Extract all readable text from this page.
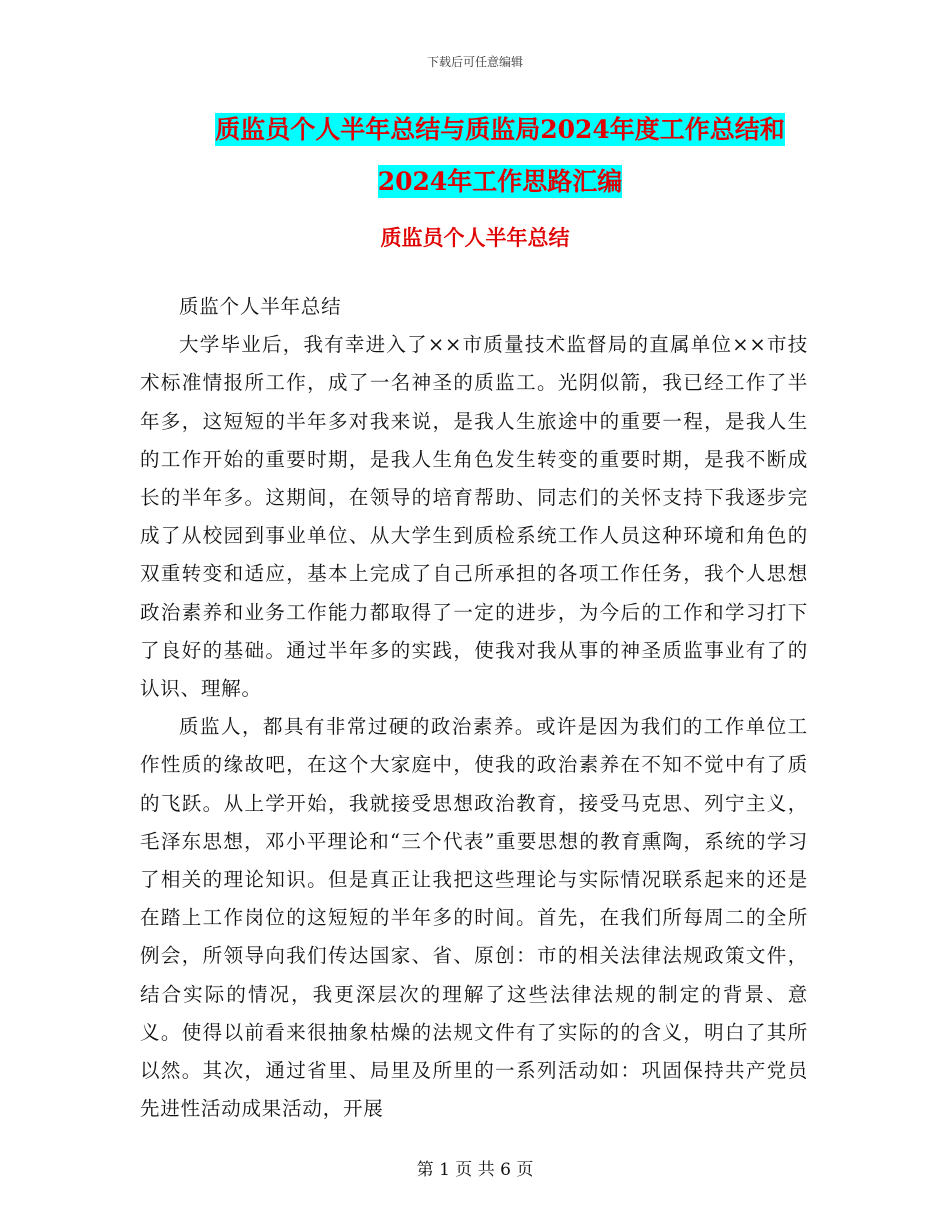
下载后可任意编辑
质监员个人半年总结与质监局2024年度工作总结和
2024年工作思路汇编
质监员个人半年总结

质监个人半年总结

大学毕业后，我有幸进入了××市质量技术监督局的直属单位××市技术标准情报所工作，成了一名神圣的质监工。光阴似箭，我已经工作了半年多，这短短的半年多对我来说，是我人生旅途中的重要一程，是我人生的工作开始的重要时期，是我人生角色发生转变的重要时期，是我不断成长的半年多。这期间，在领导的培育帮助、同志们的关怀支持下我逐步完成了从校园到事业单位、从大学生到质检系统工作人员这种环境和角色的双重转变和适应，基本上完成了自己所承担的各项工作任务，我个人思想政治素养和业务工作能力都取得了一定的进步，为今后的工作和学习打下了良好的基础。通过半年多的实践，使我对我从事的神圣质监事业有了的认识、理解。

质监人，都具有非常过硬的政治素养。或许是因为我们的工作单位工作性质的缘故吧，在这个大家庭中，使我的政治素养在不知不觉中有了质的飞跃。从上学开始，我就接受思想政治教育，接受马克思、列宁主义，毛泽东思想，邓小平理论和“三个代表”重要思想的教育熏陶，系统的学习了相关的理论知识。但是真正让我把这些理论与实际情况联系起来的还是在踏上工作岗位的这短短的半年多的时间。首先，在我们所每周二的全所例会，所领导向我们传达国家、省、原创：市的相关法律法规政策文件，结合实际的情况，我更深层次的理解了这些法律法规的制定的背景、意义。使得以前看来很抽象枯燥的法规文件有了实际的的含义，明白了其所以然。其次，通过省里、局里及所里的一系列活动如：巩固保持共产党员先进性活动成果活动，开展

第 1 页 共 6 页
